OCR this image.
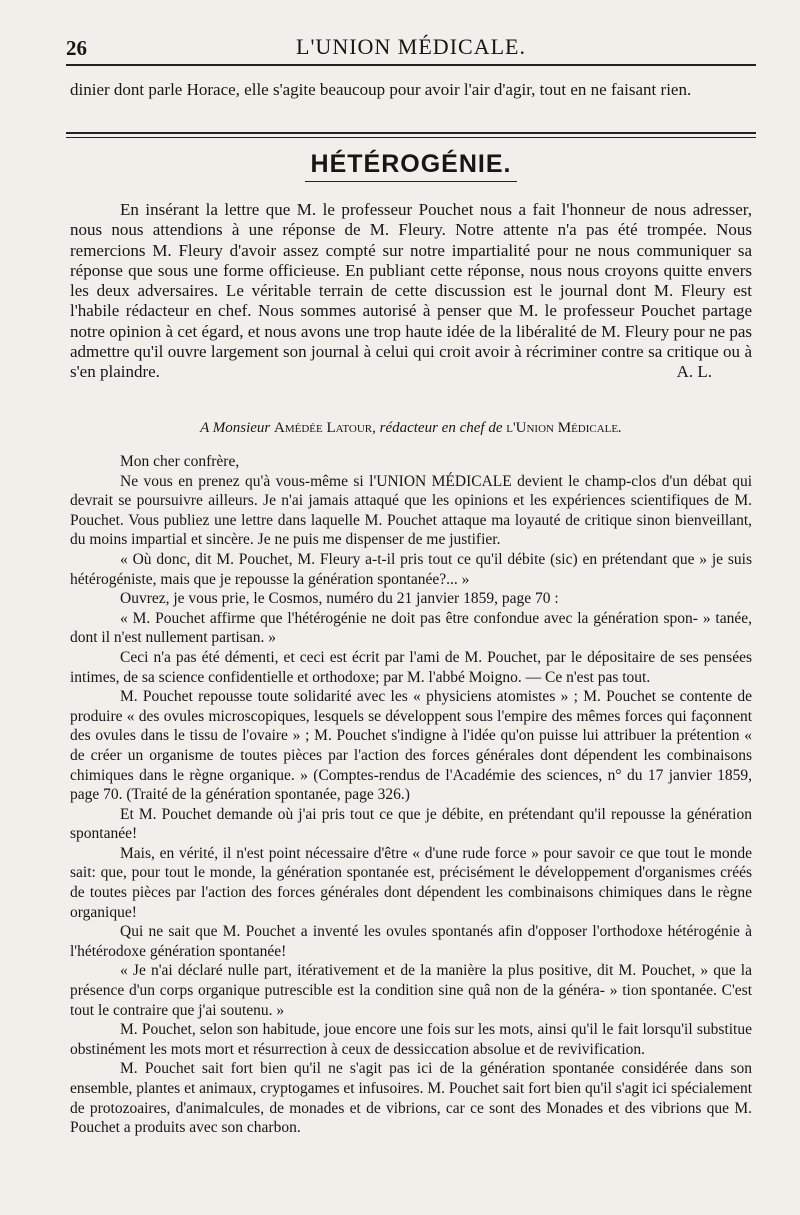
26	L'UNION MÉDICALE.

dinier dont parle Horace, elle s'agite beaucoup pour avoir l'air d'agir, tout en ne faisant rien.

HÉTÉROGÉNIE.

En insérant la lettre que M. le professeur Pouchet nous a fait l'honneur de nous adresser, nous nous attendions à une réponse de M. Fleury. Notre attente n'a pas été trompée. Nous remercions M. Fleury d'avoir assez compté sur notre impartialité pour ne nous communiquer sa réponse que sous une forme officieuse. En publiant cette réponse, nous nous croyons quitte envers les deux adversaires. Le véritable terrain de cette discussion est le journal dont M. Fleury est l'habile rédacteur en chef. Nous sommes autorisé à penser que M. le professeur Pouchet partage notre opinion à cet égard, et nous avons une trop haute idée de la libéralité de M. Fleury pour ne pas admettre qu'il ouvre largement son journal à celui qui croit avoir à récriminer contre sa critique ou à s'en plaindre.	A. L.

A Monsieur Amédée Latour, rédacteur en chef de l'Union Médicale.

Mon cher confrère,

Ne vous en prenez qu'à vous-même si l'UNION MÉDICALE devient le champ-clos d'un débat qui devrait se poursuivre ailleurs. Je n'ai jamais attaqué que les opinions et les expériences scientifiques de M. Pouchet. Vous publiez une lettre dans laquelle M. Pouchet attaque ma loyauté de critique sinon bienveillant, du moins impartial et sincère. Je ne puis me dispenser de me justifier.

« Où donc, dit M. Pouchet, M. Fleury a-t-il pris tout ce qu'il débite (sic) en prétendant que » je suis hétérogéniste, mais que je repousse la génération spontanée?... »

Ouvrez, je vous prie, le Cosmos, numéro du 21 janvier 1859, page 70 :

« M. Pouchet affirme que l'hétérogénie ne doit pas être confondue avec la génération spon- » tanée, dont il n'est nullement partisan. »

Ceci n'a pas été démenti, et ceci est écrit par l'ami de M. Pouchet, par le dépositaire de ses pensées intimes, de sa science confidentielle et orthodoxe; par M. l'abbé Moigno. — Ce n'est pas tout.

M. Pouchet repousse toute solidarité avec les « physiciens atomistes » ; M. Pouchet se contente de produire « des ovules microscopiques, lesquels se développent sous l'empire des mêmes forces qui façonnent des ovules dans le tissu de l'ovaire » ; M. Pouchet s'indigne à l'idée qu'on puisse lui attribuer la prétention « de créer un organisme de toutes pièces par l'action des forces générales dont dépendent les combinaisons chimiques dans le règne organique. » (Comptes-rendus de l'Académie des sciences, n° du 17 janvier 1859, page 70. (Traité de la génération spontanée, page 326.)

Et M. Pouchet demande où j'ai pris tout ce que je débite, en prétendant qu'il repousse la génération spontanée!

Mais, en vérité, il n'est point nécessaire d'être « d'une rude force » pour savoir ce que tout le monde sait: que, pour tout le monde, la génération spontanée est, précisément le développement d'organismes créés de toutes pièces par l'action des forces générales dont dépendent les combinaisons chimiques dans le règne organique!

Qui ne sait que M. Pouchet a inventé les ovules spontanés afin d'opposer l'orthodoxe hétérogénie à l'hétérodoxe génération spontanée!

« Je n'ai déclaré nulle part, itérativement et de la manière la plus positive, dit M. Pouchet, » que la présence d'un corps organique putrescible est la condition sine quâ non de la généra- » tion spontanée. C'est tout le contraire que j'ai soutenu. »

M. Pouchet, selon son habitude, joue encore une fois sur les mots, ainsi qu'il le fait lorsqu'il substitue obstinément les mots mort et résurrection à ceux de dessiccation absolue et de revivification.

M. Pouchet sait fort bien qu'il ne s'agit pas ici de la génération spontanée considérée dans son ensemble, plantes et animaux, cryptogames et infusoires. M. Pouchet sait fort bien qu'il s'agit ici spécialement de protozoaires, d'animalcules, de monades et de vibrions, car ce sont des Monades et des vibrions que M. Pouchet a produits avec son charbon.
